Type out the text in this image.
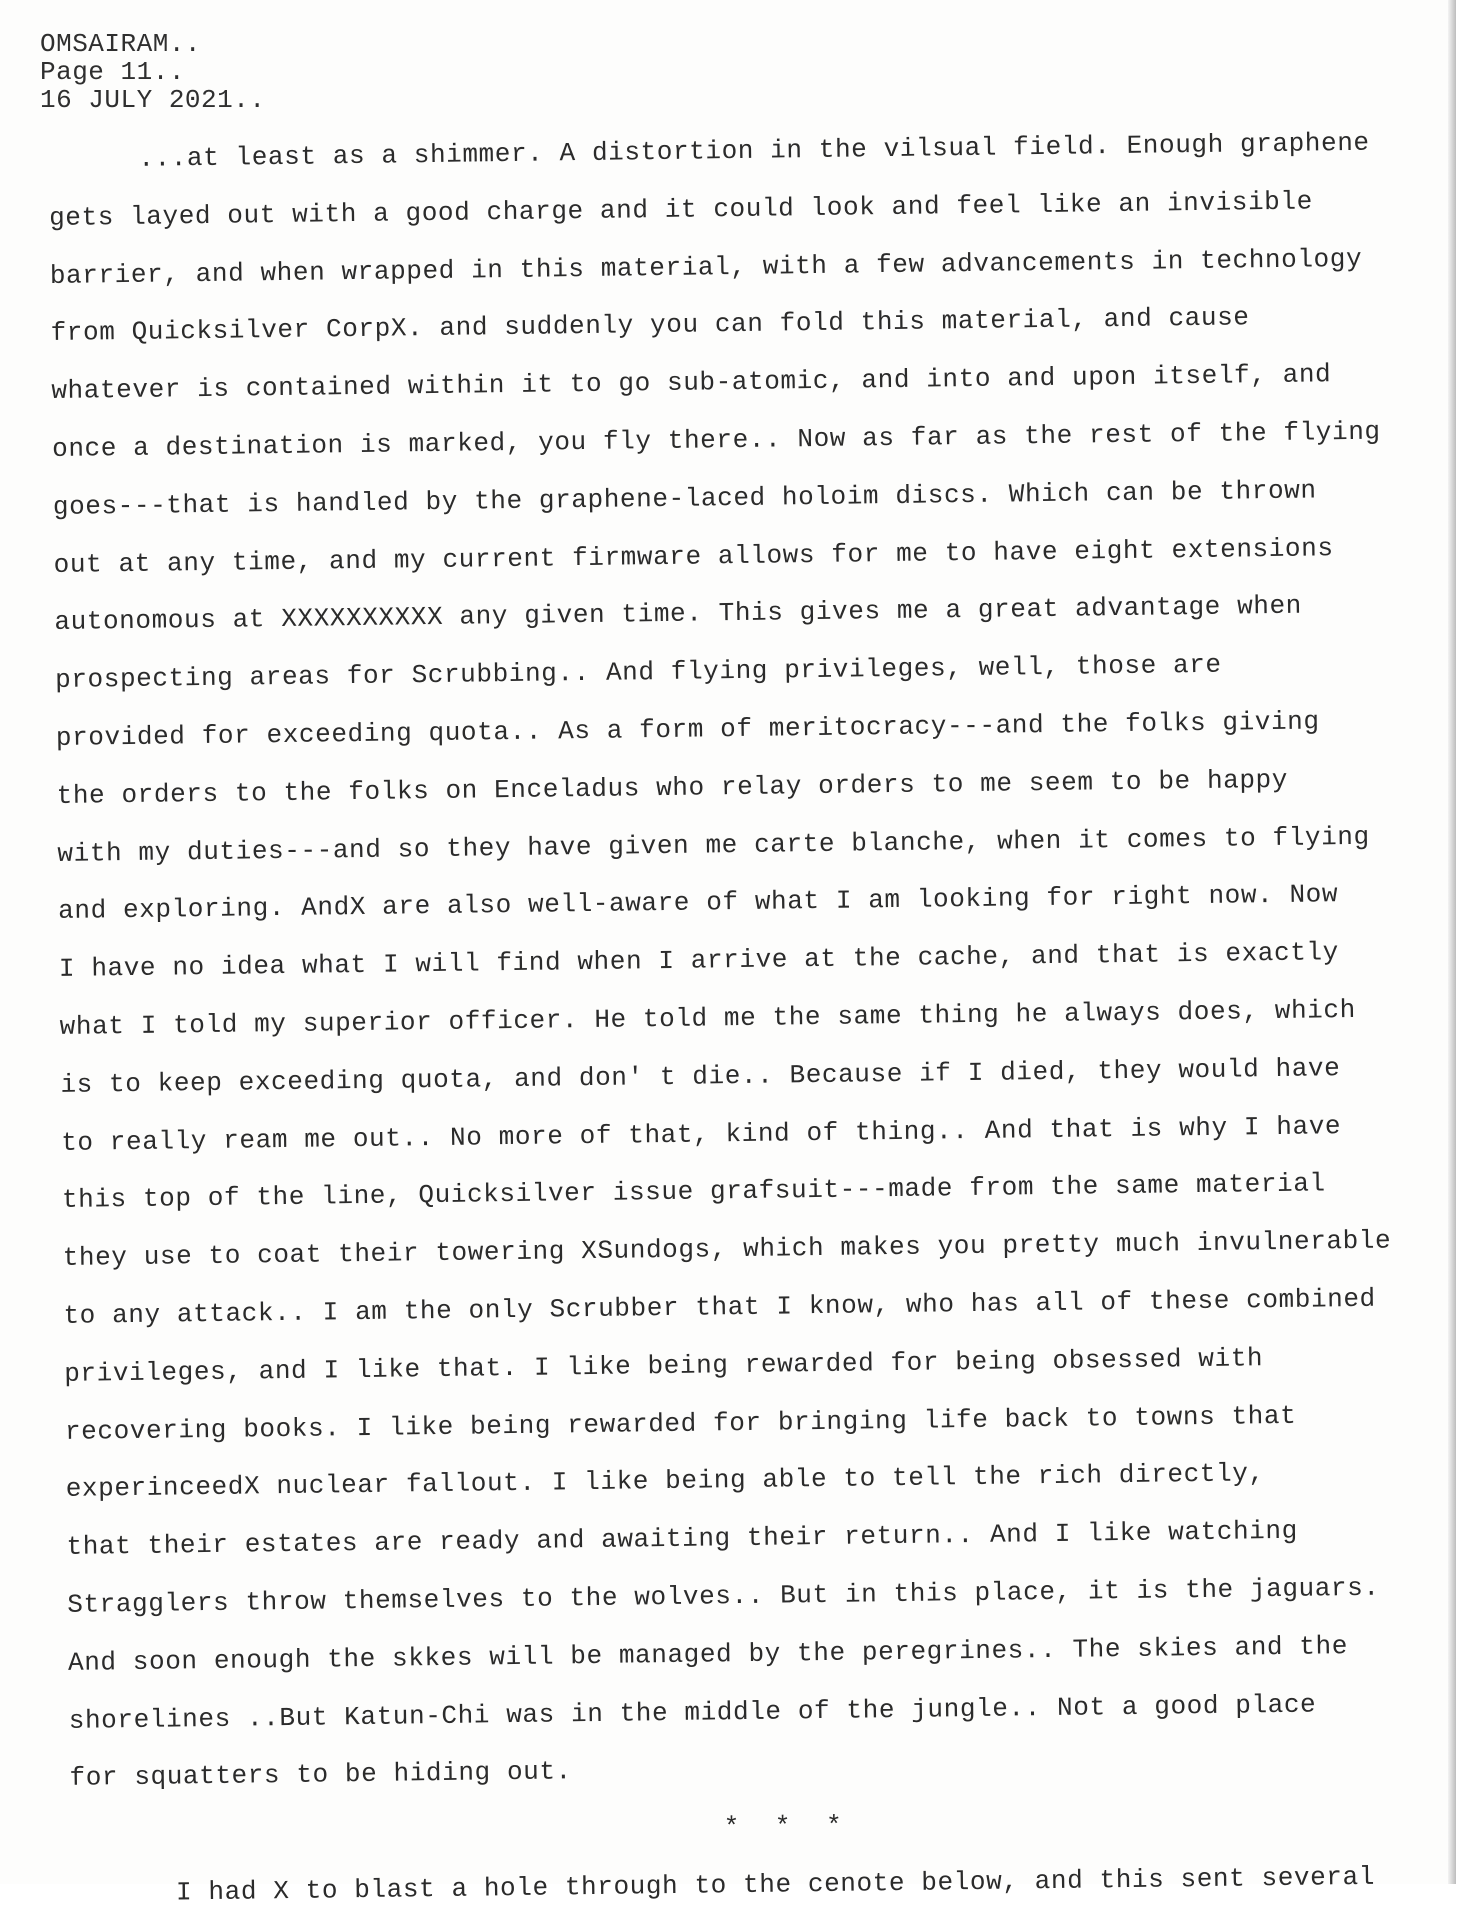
OMSAIRAM..
Page 11..
16 JULY 2021..
...at least as a shimmer. A distortion in the vilsual field. Enough graphene
gets layed out with a good charge and it could look and feel like an invisible
barrier, and when wrapped in this material, with a few advancements in technology
from Quicksilver CorpX. and suddenly you can fold this material, and cause
whatever is contained within it to go sub-atomic, and into and upon itself, and
once a destination is marked, you fly there.. Now as far as the rest of the flying
goes---that is handled by the graphene-laced holoim discs. Which can be thrown
out at any time, and my current firmware allows for me to have eight extensions
autonomous at XXXXXXXXXX any given time. This gives me a great advantage when
prospecting areas for Scrubbing.. And flying privileges, well, those are
provided for exceeding quota.. As a form of meritocracy---and the folks giving
the orders to the folks on Enceladus who relay orders to me seem to be happy
with my duties---and so they have given me carte blanche, when it comes to flying
and exploring. AndX are also well-aware of what I am looking for right now. Now
I have no idea what I will find when I arrive at the cache, and that is exactly
what I told my superior officer. He told me the same thing he always does, which
is to keep exceeding quota, and don' t die.. Because if I died, they would have
to really ream me out.. No more of that, kind of thing.. And that is why I have
this top of the line, Quicksilver issue grafsuit---made from the same material
they use to coat their towering XSundogs, which makes you pretty much invulnerable
to any attack.. I am the only Scrubber that I know, who has all of these combined
privileges, and I like that. I like being rewarded for being obsessed with
recovering books. I like being rewarded for bringing life back to towns that
experinceedX nuclear fallout. I like being able to tell the rich directly,
that their estates are ready and awaiting their return.. And I like watching
Stragglers throw themselves to the wolves.. But in this place, it is the jaguars.
And soon enough the skkes will be managed by the peregrines.. The skies and the
shorelines ..But Katun-Chi was in the middle of the jungle.. Not a good place
for squatters to be hiding out.
* * *
I had X to blast a hole through to the cenote below, and this sent several
